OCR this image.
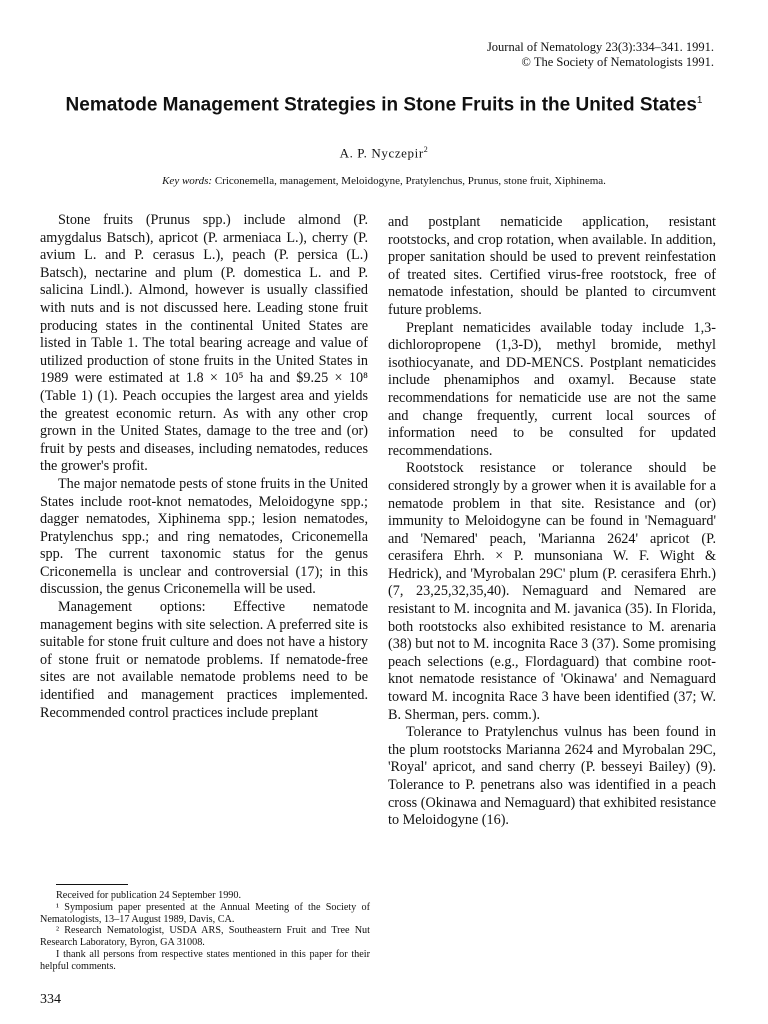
Journal of Nematology 23(3):334–341. 1991.
© The Society of Nematologists 1991.
Nematode Management Strategies in Stone Fruits in the United States$^1$
A. P. Nyczepir$^2$
Key words: Criconemella, management, Meloidogyne, Pratylenchus, Prunus, stone fruit, Xiphinema.

Stone fruits (Prunus spp.) include almond (P. amygdalus Batsch), apricot (P. armeniaca L.), cherry (P. avium L. and P. cerasus L.), peach (P. persica (L.) Batsch), nectarine and plum (P. domestica L. and P. salicina Lindl.). Almond, however is usually classified with nuts and is not discussed here. Leading stone fruit producing states in the continental United States are listed in Table 1. The total bearing acreage and value of utilized production of stone fruits in the United States in 1989 were estimated at 1.8 × 10⁵ ha and $9.25 × 10⁸ (Table 1) (1). Peach occupies the largest area and yields the greatest economic return. As with any other crop grown in the United States, damage to the tree and (or) fruit by pests and diseases, including nematodes, reduces the grower's profit.

The major nematode pests of stone fruits in the United States include root-knot nematodes, Meloidogyne spp.; dagger nematodes, Xiphinema spp.; lesion nematodes, Pratylenchus spp.; and ring nematodes, Criconemella spp. The current taxonomic status for the genus Criconemella is unclear and controversial (17); in this discussion, the genus Criconemella will be used.

Management options: Effective nematode management begins with site selection. A preferred site is suitable for stone fruit culture and does not have a history of stone fruit or nematode problems. If nematode-free sites are not available nematode problems need to be identified and management practices implemented. Recommended control practices include preplant

and postplant nematicide application, resistant rootstocks, and crop rotation, when available. In addition, proper sanitation should be used to prevent reinfestation of treated sites. Certified virus-free rootstock, free of nematode infestation, should be planted to circumvent future problems.

Preplant nematicides available today include 1,3-dichloropropene (1,3-D), methyl bromide, methyl isothiocyanate, and DD-MENCS. Postplant nematicides include phenamiphos and oxamyl. Because state recommendations for nematicide use are not the same and change frequently, current local sources of information need to be consulted for updated recommendations.

Rootstock resistance or tolerance should be considered strongly by a grower when it is available for a nematode problem in that site. Resistance and (or) immunity to Meloidogyne can be found in 'Nemaguard' and 'Nemared' peach, 'Marianna 2624' apricot (P. cerasifera Ehrh. × P. munsoniana W. F. Wight & Hedrick), and 'Myrobalan 29C' plum (P. cerasifera Ehrh.) (7, 23,25,32,35,40). Nemaguard and Nemared are resistant to M. incognita and M. javanica (35). In Florida, both rootstocks also exhibited resistance to M. arenaria (38) but not to M. incognita Race 3 (37). Some promising peach selections (e.g., Flordaguard) that combine root-knot nematode resistance of 'Okinawa' and Nemaguard toward M. incognita Race 3 have been identified (37; W. B. Sherman, pers. comm.).

Tolerance to Pratylenchus vulnus has been found in the plum rootstocks Marianna 2624 and Myrobalan 29C, 'Royal' apricot, and sand cherry (P. besseyi Bailey) (9). Tolerance to P. penetrans also was identified in a peach cross (Okinawa and Nemaguard) that exhibited resistance to Meloidogyne (16).

Received for publication 24 September 1990.
¹ Symposium paper presented at the Annual Meeting of the Society of Nematologists, 13–17 August 1989, Davis, CA.
² Research Nematologist, USDA ARS, Southeastern Fruit and Tree Nut Research Laboratory, Byron, GA 31008.
I thank all persons from respective states mentioned in this paper for their helpful comments.
334
